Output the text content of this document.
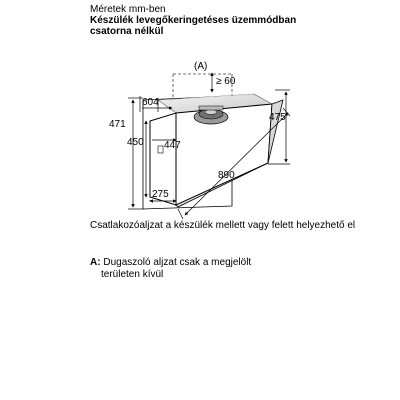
Méretek mm-ben
Készülék levegőkeringetéses üzemmódban
csatorna nélkül
(A)
≥ 60
604
471
450 447
475
890
275
Csatlakozóaljzat a készülék mellett vagy felett helyezhető el
A: Dugaszoló aljzat csak a megjelölt
területen kívül
